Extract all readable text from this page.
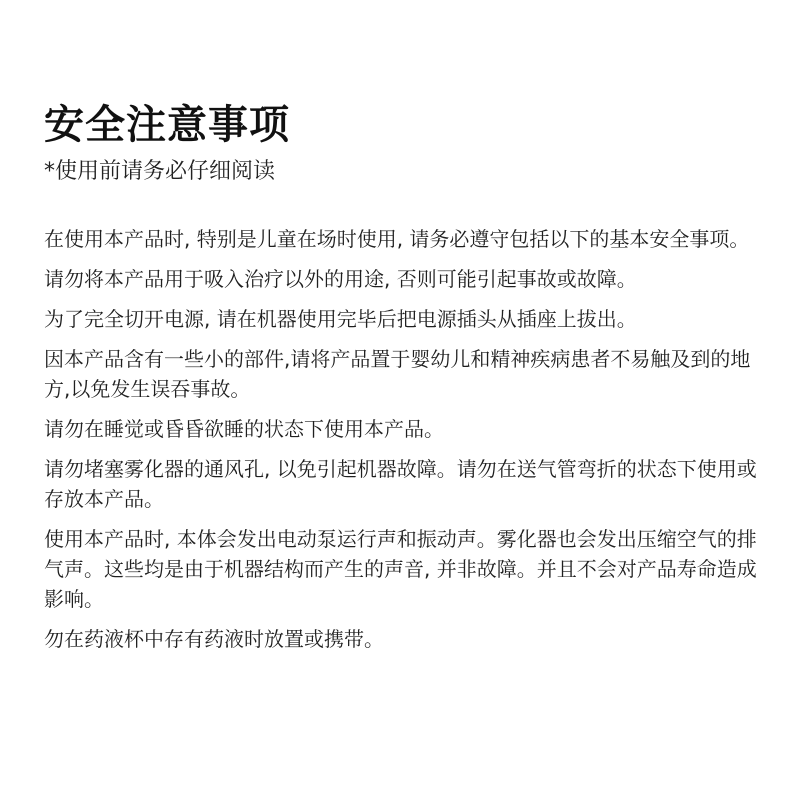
安全注意事项

*使用前请务必仔细阅读

在使用本产品时, 特别是儿童在场时使用, 请务必遵守包括以下的基本安全事项。

请勿将本产品用于吸入治疗以外的用途, 否则可能引起事故或故障。

为了完全切开电源, 请在机器使用完毕后把电源插头从插座上拔出。

因本产品含有一些小的部件,请将产品置于婴幼儿和精神疾病患者不易触及到的地方,以免发生误吞事故。

请勿在睡觉或昏昏欲睡的状态下使用本产品。

请勿堵塞雾化器的通风孔, 以免引起机器故障。请勿在送气管弯折的状态下使用或存放本产品。

使用本产品时, 本体会发出电动泵运行声和振动声。雾化器也会发出压缩空气的排气声。这些均是由于机器结构而产生的声音, 并非故障。并且不会对产品寿命造成影响。

勿在药液杯中存有药液时放置或携带。
